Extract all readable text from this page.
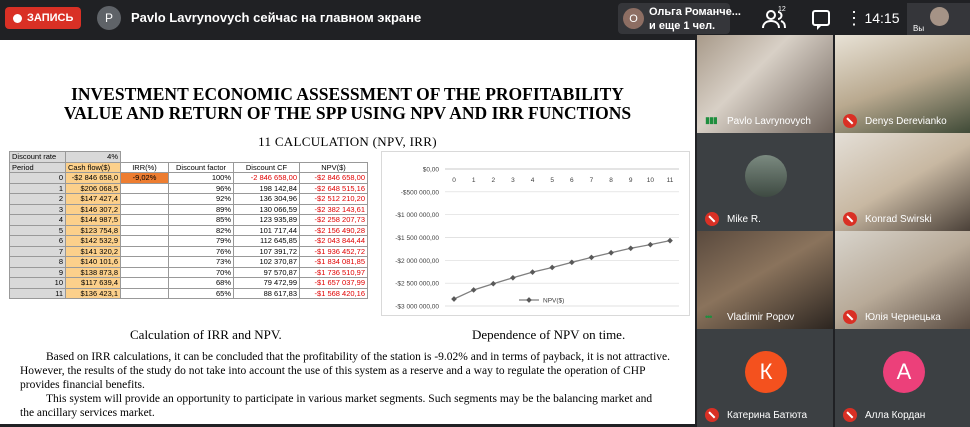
ЗАПИСЬ	P	Pavlo Lavrynovych сейчас на главном экране	О
Ольга Романче...
и еще 1 чел.
12	⋮ 14:15
Вы
INVESTMENT ECONOMIC ASSESSMENT OF THE PROFITABILITY
VALUE AND RETURN OF THE SPP USING NPV AND IRR FUNCTIONS
11 CALCULATION (NPV, IRR)
Discount rate	4%				
Period	Cash flow($)	IRR(%)	Discount factor	Discount CF	NPV($)
0	-$2 846 658,0	-9,02%	100%	-2 846 658,00	-$2 846 658,00
1	$206 068,5		96%	198 142,84	-$2 648 515,16
2	$147 427,4		92%	136 304,96	-$2 512 210,20
3	$146 307,2		89%	130 066,59	-$2 382 143,61
4	$144 987,5		85%	123 935,89	-$2 258 207,73
5	$123 754,8		82%	101 717,44	-$2 156 490,28
6	$142 532,9		79%	112 645,85	-$2 043 844,44
7	$141 320,2		76%	107 391,72	-$1 936 452,72
8	$140 101,6		73%	102 370,87	-$1 834 081,85
9	$138 873,8		70%	97 570,87	-$1 736 510,97
10	$117 639,4		68%	79 472,99	-$1 657 037,99
11	$136 423,1		65%	88 617,83	-$1 568 420,16
$0,00
-$500 000,00
-$1 000 000,00
-$1 500 000,00
-$2 000 000,00
-$2 500 000,00
-$3 000 000,00
0 1 2 3 4 5 6 7 8 9 10 11
NPV($)
Calculation of IRR and NPV.	Dependence of NPV on time.
Based on IRR calculations, it can be concluded that the profitability of the station is -9.02% and in terms of payback, it is not attractive. However, the results of the study do not take into account the use of this system as a reserve and a way to regulate the operation of CHP provides financial benefits.
This system will provide an opportunity to participate in various market segments. Such segments may be the balancing market and
the ancillary services market.
▮▮▮ Pavlo Lavrynovych	Denys Derevianko
Mike R.	Konrad Swirski
••• Vladimir Popov	Юлія Чернецька
К
Катерина Батюта
А
Алла Кордан
